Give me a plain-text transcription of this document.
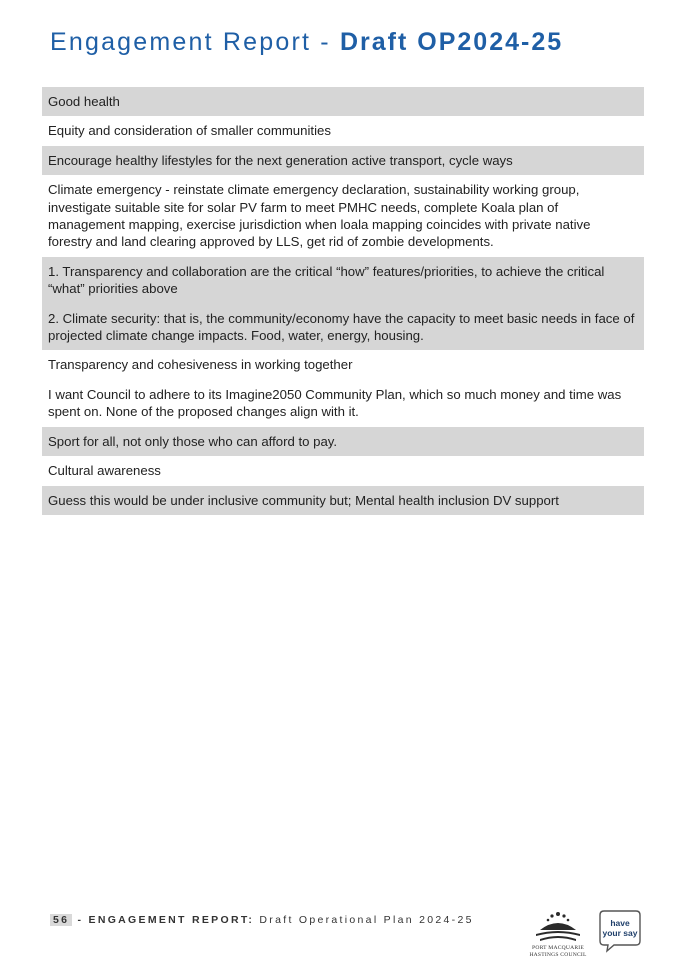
Engagement Report - Draft OP2024-25

Good health

Equity and consideration of smaller communities

Encourage healthy lifestyles for the next generation active transport, cycle ways

Climate emergency - reinstate climate emergency declaration, sustainability working group, investigate suitable site for solar PV farm to meet PMHC needs, complete Koala plan of management mapping, exercise jurisdiction when loala mapping coincides with private native forestry and land clearing approved by LLS, get rid of zombie developments.

1. Transparency and collaboration are the critical “how” features/priorities, to achieve the critical “what” priorities above

2. Climate security: that is, the community/economy have the capacity to meet basic needs in face of projected climate change impacts. Food, water, energy, housing.

Transparency and cohesiveness in working together

I want Council to adhere to its Imagine2050 Community Plan, which so much money and time was spent on. None of the proposed changes align with it.

Sport for all, not only those who can afford to pay.

Cultural awareness

Guess this would be under inclusive community but; Mental health inclusion DV support

56 - ENGAGEMENT REPORT: Draft Operational Plan 2024-25
PORT MACQUARIE
HASTINGS COUNCIL
have
your say
